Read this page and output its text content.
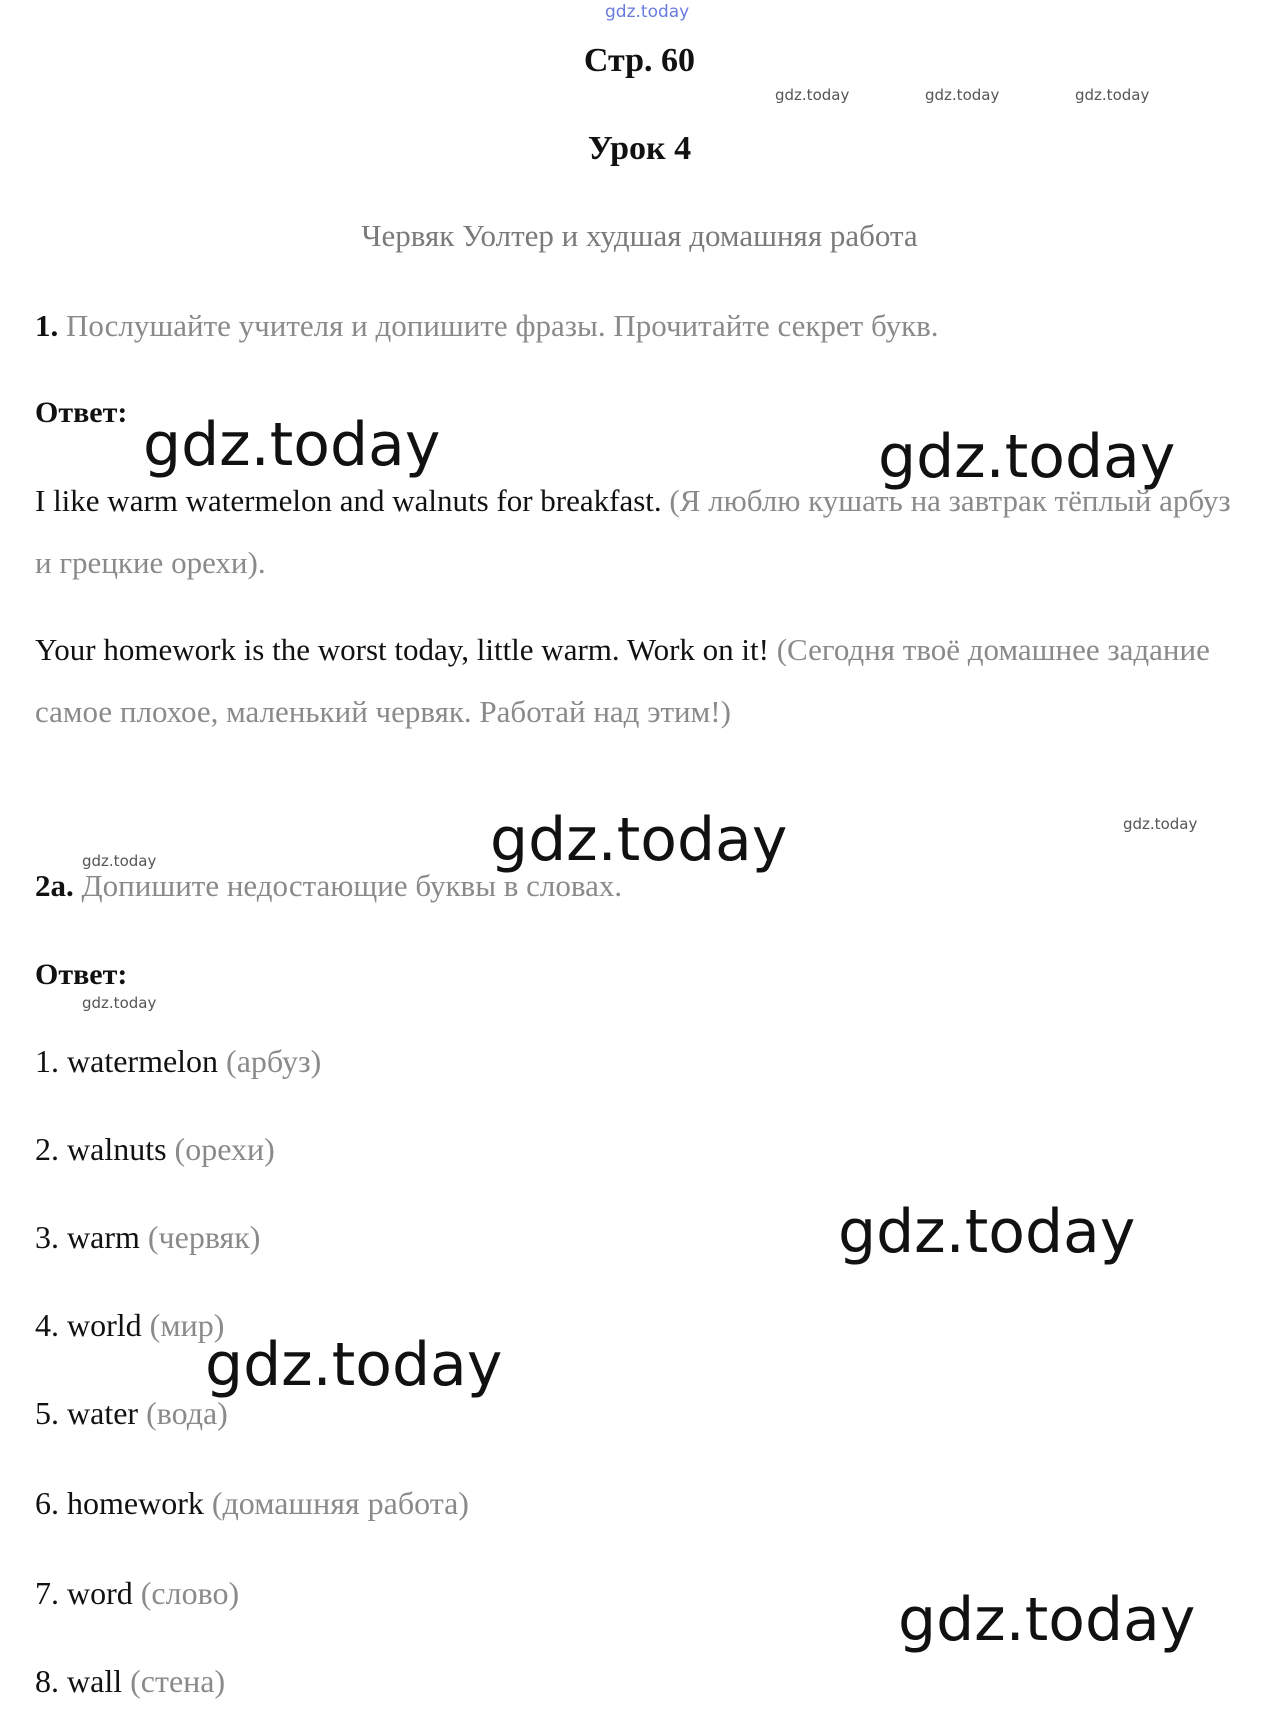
gdz.today
gdz.today	gdz.today	gdz.today
Стр. 60
Урок 4
Червяк Уолтер и худшая домашняя работа
1. Послушайте учителя и допишите фразы. Прочитайте секрет букв.
Ответ: gdz.today	gdz.today
I like warm watermelon and walnuts for breakfast. (Я люблю кушать на завтрак тёплый арбуз и грецкие орехи).
Your homework is the worst today, little warm. Work on it! (Сегодня твоё домашнее задание самое плохое, маленький червяк. Работай над этим!)
gdz.today
gdz.today	gdz.today
2а. Допишите недостающие буквы в словах.
Ответ:
gdz.today
1. watermelon (арбуз)
2. walnuts (орехи)
3. warm (червяк)	gdz.today
4. world (мир)
gdz.today
5. water (вода)
6. homework (домашняя работа)
7. word (слово)	gdz.today
8. wall (стена)
